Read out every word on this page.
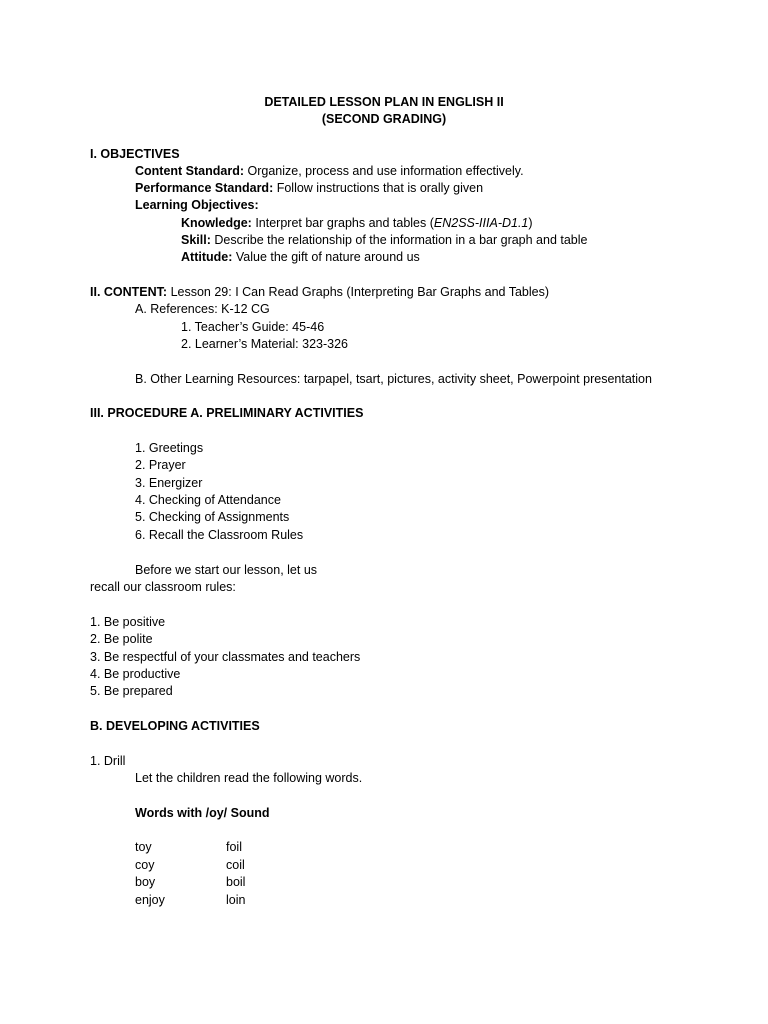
DETAILED LESSON PLAN IN ENGLISH II
(SECOND GRADING)
I. OBJECTIVES
Content Standard: Organize, process and use information effectively.
Performance Standard: Follow instructions that is orally given
Learning Objectives:
Knowledge: Interpret bar graphs and tables (EN2SS-IIIA-D1.1)
Skill: Describe the relationship of the information in a bar graph and table
Attitude: Value the gift of nature around us
II. CONTENT: Lesson 29: I Can Read Graphs (Interpreting Bar Graphs and Tables)
A. References: K-12 CG
1. Teacher’s Guide: 45-46
2. Learner’s Material: 323-326
B. Other Learning Resources: tarpapel, tsart, pictures, activity sheet, Powerpoint presentation
III. PROCEDURE A. PRELIMINARY ACTIVITIES
1. Greetings
2. Prayer
3. Energizer
4. Checking of Attendance
5. Checking of Assignments
6. Recall the Classroom Rules
Before we start our lesson, let us
recall our classroom rules:
1. Be positive
2. Be polite
3. Be respectful of your classmates and teachers
4. Be productive
5. Be prepared
B. DEVELOPING ACTIVITIES
1. Drill
Let the children read the following words.
Words with /oy/ Sound
toy	foil
coy	coil
boy	boil
enjoy	loin
